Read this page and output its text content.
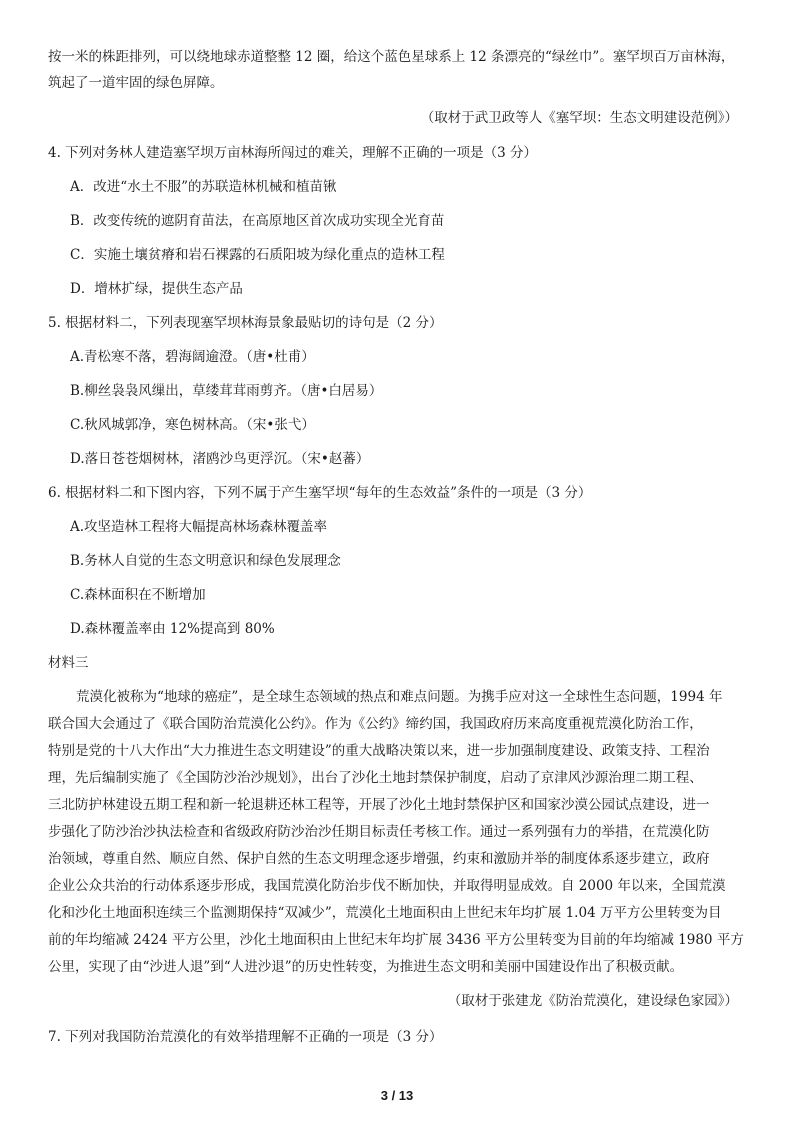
按一米的株距排列，可以绕地球赤道整整 12 圈，给这个蓝色星球系上 12 条漂亮的“绿丝巾”。塞罕坝百万亩林海，
筑起了一道牢固的绿色屏障。
（取材于武卫政等人《塞罕坝：生态文明建设范例》）
4. 下列对务林人建造塞罕坝万亩林海所闯过的难关，理解不正确的一项是（3 分）
A．改进“水土不服”的苏联造林机械和植苗锹
B．改变传统的遮阴育苗法，在高原地区首次成功实现全光育苗
C．实施土壤贫瘠和岩石裸露的石质阳坡为绿化重点的造林工程
D．增林扩绿，提供生态产品
5. 根据材料二，下列表现塞罕坝林海景象最贴切的诗句是（2 分）
A.青松寒不落，碧海阔逾澄。（唐•杜甫）
B.柳丝袅袅风缫出，草缕茸茸雨剪齐。（唐•白居易）
C.秋风城郭净，寒色树林高。（宋•张弋）
D.落日苍苍烟树林，渚鸥沙鸟更浮沉。（宋•赵蕃）
6. 根据材料二和下图内容，下列不属于产生塞罕坝“每年的生态效益”条件的一项是（3 分）
A.攻坚造林工程将大幅提高林场森林覆盖率
B.务林人自觉的生态文明意识和绿色发展理念
C.森林面积在不断增加
D.森林覆盖率由 12%提高到 80%
材料三
荒漠化被称为“地球的癌症”，是全球生态领域的热点和难点问题。为携手应对这一全球性生态问题，1994 年
联合国大会通过了《联合国防治荒漠化公约》。作为《公约》缔约国，我国政府历来高度重视荒漠化防治工作，
特别是党的十八大作出“大力推进生态文明建设”的重大战略决策以来，进一步加强制度建设、政策支持、工程治
理，先后编制实施了《全国防沙治沙规划》，出台了沙化土地封禁保护制度，启动了京津风沙源治理二期工程、
三北防护林建设五期工程和新一轮退耕还林工程等，开展了沙化土地封禁保护区和国家沙漠公园试点建设，进一
步强化了防沙治沙执法检查和省级政府防沙治沙任期目标责任考核工作。通过一系列强有力的举措，在荒漠化防
治领域，尊重自然、顺应自然、保护自然的生态文明理念逐步增强，约束和激励并举的制度体系逐步建立，政府
企业公众共治的行动体系逐步形成，我国荒漠化防治步伐不断加快，并取得明显成效。自 2000 年以来，全国荒漠
化和沙化土地面积连续三个监测期保持“双减少”，荒漠化土地面积由上世纪末年均扩展 1.04 万平方公里转变为目
前的年均缩减 2424 平方公里，沙化土地面积由上世纪末年均扩展 3436 平方公里转变为目前的年均缩减 1980 平方
公里，实现了由“沙进人退”到“人进沙退”的历史性转变，为推进生态文明和美丽中国建设作出了积极贡献。
（取材于张建龙《防治荒漠化，建设绿色家园》）
7. 下列对我国防治荒漠化的有效举措理解不正确的一项是（3 分）
3 / 13
